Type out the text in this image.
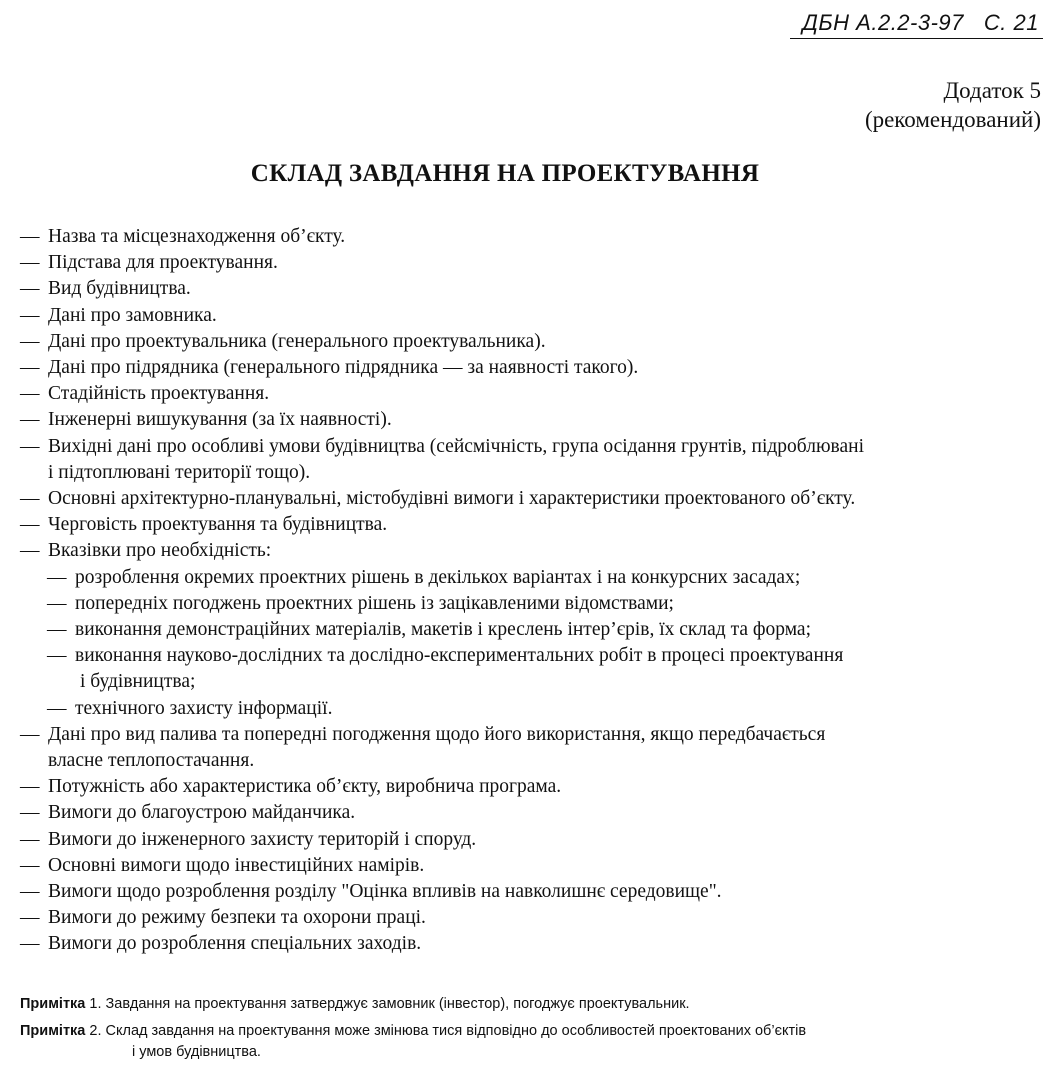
ДБН А.2.2-3-97 С. 21
Додаток 5
(рекомендований)
СКЛАД ЗАВДАННЯ НА ПРОЕКТУВАННЯ
— Назва та місцезнаходження об’єкту.
— Підстава для проектування.
— Вид будівництва.
— Дані про замовника.
— Дані про проектувальника (генерального проектувальника).
— Дані про підрядника (генерального підрядника — за наявності такого).
— Стадійність проектування.
— Інженерні вишукування (за їх наявності).
— Вихідні дані про особливі умови будівництва (сейсмічність, група осідання грунтів, підроблювані
і підтоплювані території тощо).
— Основні архітектурно-планувальні, містобудівні вимоги і характеристики проектованого об’єкту.
— Черговість проектування та будівництва.
— Вказівки про необхідність:
— розроблення окремих проектних рішень в декількох варіантах і на конкурсних засадах;
— попередніх погоджень проектних рішень із зацікавленими відомствами;
— виконання демонстраційних матеріалів, макетів і креслень інтер’єрів, їх склад та форма;
— виконання науково-дослідних та дослідно-експериментальних робіт в процесі проектування
і будівництва;
— технічного захисту інформації.
— Дані про вид палива та попередні погодження щодо його використання, якщо передбачається
власне теплопостачання.
— Потужність або характеристика об’єкту, виробнича програма.
— Вимоги до благоустрою майданчика.
— Вимоги до інженерного захисту територій і споруд.
— Основні вимоги щодо інвестиційних намірів.
— Вимоги щодо розроблення розділу "Оцінка впливів на навколишнє середовище".
— Вимоги до режиму безпеки та охорони праці.
— Вимоги до розроблення спеціальних заходів.
Примітка 1. Завдання на проектування затверджує замовник (інвестор), погоджує проектувальник.
Примітка 2. Склад завдання на проектування може змінюва тися відповідно до особливостей проектованих об’єктів
і умов будівництва.
